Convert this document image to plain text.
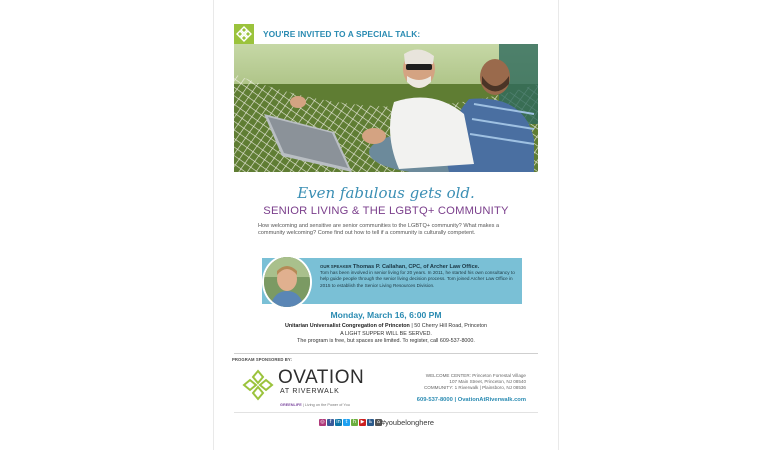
YOU'RE INVITED TO A SPECIAL TALK:
Even fabulous gets old.
SENIOR LIVING & THE LGBTQ+ COMMUNITY
How welcoming and sensitive are senior communities to the LGBTQ+ community? What makes a community welcoming? Come find out how to tell if a community is culturally competent.
OUR SPEAKER Thomas P. Callahan, CPC, of Archer Law Office.
Tom has been involved in senior living for 20 years. In 2011, he started his own consultancy to help guide people through the senior living decision process. Tom joined Archer Law Office in 2015 to establish the Senior Living Resources Division.
Monday, March 16, 6:00 PM
Unitarian Universalist Congregation of Princeton | 50 Cherry Hill Road, Princeton
A LIGHT SUPPER WILL BE SERVED.
The program is free, but spaces are limited. To register, call 609-537-8000.
PROGRAM SPONSORED BY:
OVATION
AT RIVERWALK
GREENLIFE | Living on the Power of You
WELCOME CENTER: Princeton Forrestal Village
107 Main Street, Princeton, NJ 08540
COMMUNITY: 1 Riverwalk | Plainsboro, NJ 08536
609-537-8000 | OvationAtRiverwalk.com
◎ f in t	h ▶ ♿ ⌂ #youbelonghere
